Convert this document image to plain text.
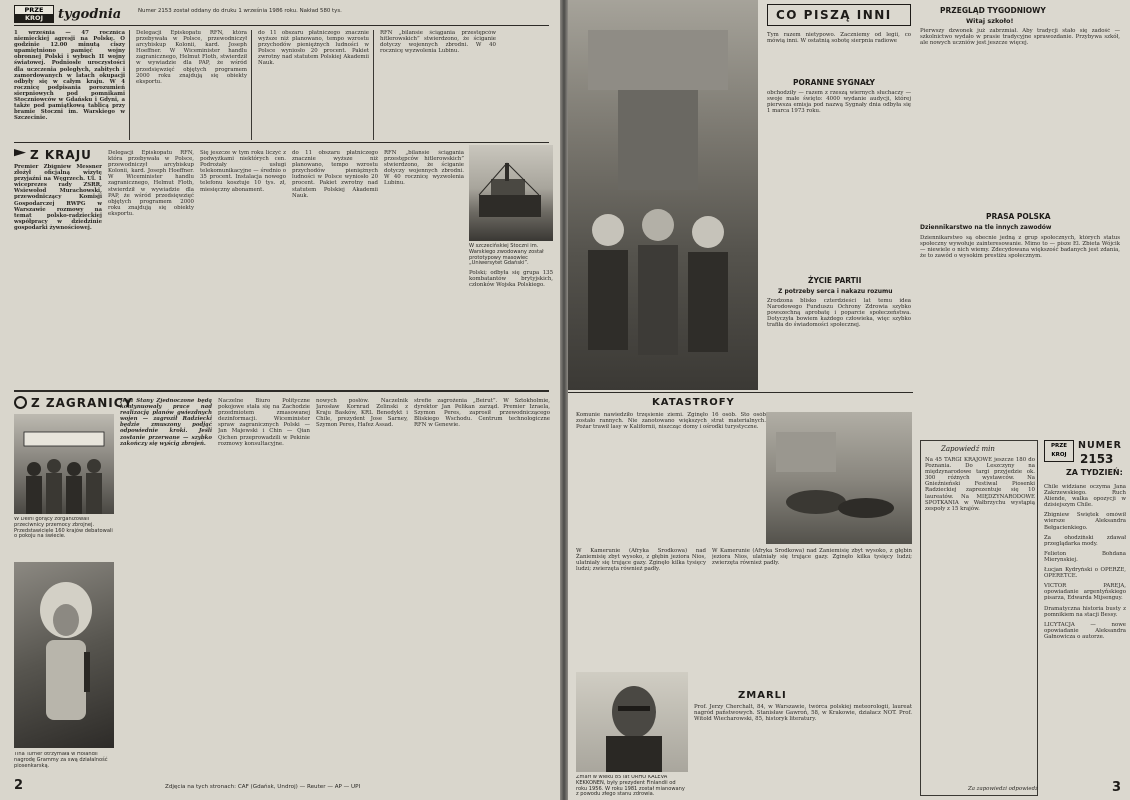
PRZE
KROJ	tygodnia	Numer 2153 został oddany do druku 1 września 1986 roku. Nakład 580 tys.
1 września — 47 rocznica niemieckiej agresji na Polskę. O godzinie 12.00 minutą ciszy upamiętniono pamięć wojny obronnej Polski i wybuch II wojny światowej. Podniosłe uroczystości dla uczczenia poległych, zabitych i zamordowanych w latach okupacji odbyły się w całym kraju. W 4 rocznicę podpisania porozumień sierpniowych pod pomnikami Stoczniowców w Gdańsku i Gdyni, a także pod pamiątkową tablicą przy bramie Stoczni im. Warskiego w Szczecinie.
Delegacji Episkopatu RFN, która przebywała w Polsce, przewodniczył arcybiskup Kolonii, kard. Joseph Hoeffner. W Wiceminister handlu zagranicznego, Helmut Floth, stwierdził w wywiadzie dla PAP, że wśród przedsięwzięć objętych programem 2000 roku znajdują się obiekty eksportu.
do 11 obszaru płatniczego znacznie wyższe niż planowano, tempo wzrostu przychodów pieniężnych ludności w Polsce wyniosło 20 procent. Pakiet zwrotny nad statutem Polskiej Akademii Nauk.
RFN „bilansie ściągania przestępców hitlerowskich” stwierdzono, że ściganie dotyczy wojennych zbrodni. W 40 rocznicę wyzwolenia Lubinu.
Z KRAJU
Premier Zbigniew Messner złożył oficjalną wizytę przyjaźni na Węgrzech. Ul. 1 wiceprezes rady ZSRR, Wsiewołod Murachowski, przewodniczący Komisji Gospodarczej RWPG w Warszawie rozmowy na temat polsko-radzieckiej współpracy w dziedzinie gospodarki żywnościowej.
Delegacji Episkopatu RFN, która przebywała w Polsce, przewodniczył arcybiskup Kolonii, kard. Joseph Hoeffner. W Wiceminister handlu zagranicznego, Helmut Floth, stwierdził w wywiadzie dla PAP, że wśród przedsięwzięć objętych programem 2000 roku znajdują się obiekty eksportu.
Się jeszcze w tym roku liczyć z podwyżkami niektórych cen. Podrożały usługi telekomunikacyjne — średnio o 35 procent. Instalacja nowego telefonu kosztuje 10 tys. zł, miesięczny abonament.
do 11 obszaru płatniczego znacznie wyższe niż planowano, tempo wzrostu przychodów pieniężnych ludności w Polsce wyniosło 20 procent. Pakiet zwrotny nad statutem Polskiej Akademii Nauk.
RFN „bilansie ściągania przestępców hitlerowskich” stwierdzono, że ściganie dotyczy wojennych zbrodni. W 40 rocznicę wyzwolenia Lubinu.
W szczecińskiej Stoczni im. Warskiego zwodowany został prototypowy masowiec „Uniwersytet Gdański”.
Polski; odbyła się grupa 135 kombatantów brytyjskich, członków Wojska Polskiego.
Z ZAGRANICY
W Delhi gorący zorganizowali przeciwnicy przemocy zbrojnej. Przedstawiciele 160 krajów debatowali o pokoju na świecie.
Tina Turner otrzymała w Holandii nagrodę Grammy za swą działalność piosenkarską.
Jeśli Stany Zjednoczone będą kontynuowały prace nad realizacją planów gwiezdnych wojen — zagroził Radziecki będzie zmuszony podjąć odpowiednie kroki. Jeśli zostanie przerwane — szybko zakończy się wyścig zbrojeń.
Naczelne Biuro Polityczne pokojowe stała się na Zachodzie przedmiotem zmasowanej dezinformacji. Wiceminister spraw zagranicznych Polski — Jan Majewski i Chin — Qian Qichen przeprowadzili w Pekinie rozmowy konsultacyjne.
nowych posłów. Naczelnik Jarosław Kornrad Zelinski z Kraju Basków, KRL Benedykt i Chile, prezydent Jose Sarney, Szymon Peres, Hafez Assad.
strefie zagrożenia „Beirut”. W Sztokholmie, dyrektor Jan Pelikan zarząd. Premier Izraela, Szymon Peres, zaprosił przewodniczącego Bliskiego Wschodu. Centrum technologiczne RFN w Genewie.
2	Zdjęcia na tych stronach: CAF (Gdańsk, Undroj) — Reuter — AP — UPI
CO PISZĄ INNI
Tym razem nietypowo. Zaczniemy od legii, co mówią inni. W ostatnią sobotę sierpnia radiowe
PORANNE SYGNAŁY
obchodziły — razem z rzeszą wiernych słuchaczy — swoje małe święto: 4000 wydanie audycji, której pierwsza emisja pod nazwą Sygnały dnia odbyła się 1 marca 1973 roku.
ŻYCIE PARTII
Z potrzeby serca i nakazu rozumu
Zrodzona blisko czterdzieści lat temu idea Narodowego Funduszu Ochrony Zdrowia szybko powszechną aprobatę i poparcie społeczeństwa. Dotyczyła bowiem każdego człowieka, więc szybko trafiła do świadomości społecznej.
PRZEGLĄD TYGODNIOWY
Witaj szkoło!
Pierwszy dzwonek już zabrzmiał. Aby tradycji stało się zadość — szkolnictwo wydało w prasie tradycyjne sprawozdanie. Przybywa szkół, ale nowych uczniów jest jeszcze więcej.
PRASA POLSKA
Dziennikarstwo na tle innych zawodów
Dziennikarstwo są obecnie jedną z grup społecznych, których status społeczny wywołuje zainteresowanie. Mimo to — pisze El. Zbieta Wójcik — niewiele o nich wiemy. Zdecydowana większość badanych jest zdania, że to zawód o wysokim prestiżu społecznym.
KATASTROFY
Komunie nawiedziło trzęsienie ziemi. Zginęło 16 osób. Sto osób zostało rannych. Nie zanotowano większych strat materialnych. Pożar trawił lasy w Kalifornii, niszcząc domy i ośrodki turystyczne.
W Kamerunie (Afryka Środkowa) nad Żaniemisię zbyt wysoko, z głębin jeziora Nios, ulatniały się trujące gazy. Zginęło kilka tysięcy ludzi; zwierzęta również padły.
Zmarł w wieku 85 lat URHO KALEVA KEKKONEN, były prezydent Finlandii od roku 1956. W roku 1981 został mianowany z powodu złego stanu zdrowia.
ZMARLI
Prof. Jerzy Cherchalt, 84, w Warszawie, twórca polskiej meteorologii, laureat nagród państwowych. Stanisław Gawroń, 58, w Krakowie, działacz NOT. Prof. Witold Wiecharowski, 85, historyk literatury.
W Kamerunie (Afryka Środkowa) nad Żaniemisię zbyt wysoko, z głębin jeziora Nios, ulatniały się trujące gazy. Zginęło kilka tysięcy ludzi; zwierzęta również padły.
Zapowiedź min
Na 45 TARGI KRAJOWE jeszcze 180 do Poznania. Do Leszczyny na międzynarodowe targi przyjedzie ok. 300 różnych wystawców. Na Gnieźnieński Festiwal Piosenki Radzieckiej zaprezentuje się 10 laureatów. Na MIĘDZYNARODOWE SPOTKANIA w Wałbrzychu wystąpią zespoły z 15 krajów.
PRZE KROJ
NUMER
2153
ZA TYDZIEŃ:
Chile widziane oczyma Jana Zakrzewskiego. Ruch Aliende, walka opozycji w dzisiejszym Chile.
Zbigniew Świętek omówił wiersze Aleksandra Bełgacienkiego.
Za ohodziński zdawał przeglądarka mody.
Felieton Bohdana Mierynskiej.
Łucjan Kydryński o OPERZE, OPERETCE.
VICTOR PAREJA, opowiadanie argentyńskiego pisarza, Edwarda Mijsenguy.
Dramatyczna historia busty z pomnikiem na stacji Bessy.
LICYTACJA — nowe opowiadanie Aleksandra Gałnowicza o autorze.
Za zapowiedzi odpowiedź	3
